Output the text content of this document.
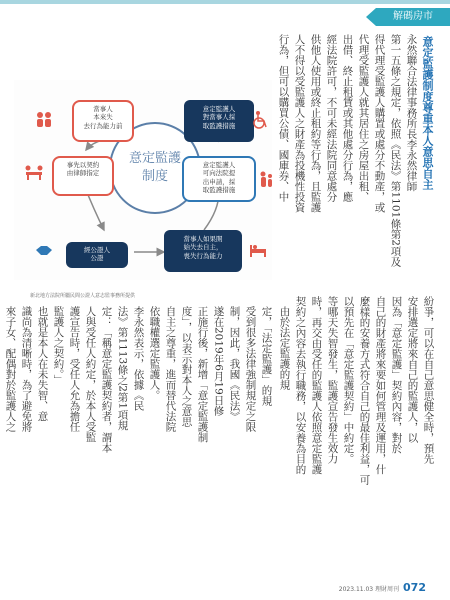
解碼房市
意定監護
制度
當事人
本來失
去行為能力前
事先以契約
由律師指定

經公證人
公證
意定監護人
對當事人採
取監護措施
意定監護人
可向法院提
出申請，採
取監護措施
當事人如果開
始失去自主，
喪失行為能力
新北地方法院所屬民間公證人意志監事務所提供
意定監護制度尊重本人意思自主
永然聯合法律事務所長李永然律師
第一五條之規定，依照《民法》第1101條第2項及
得代理受監護人購置或處分不動產，或
代理受監護人就其居住之房屋出租、
出借、終止租賃或其他處分行為，應
經法院許可，不可未經法院同意處分
供他人使用或終止租約等行為，且監護
人不得以受監護人之財產為投機性投資
行為，但可以購買公債、國庫券、中
由於法定監護的規
定，「法定監護」的規
受到很多法律強制規定之限
制，因此，我國《民法》
遂在2019年6月19日修
正施行後，新增「意定監護制
度」，以表示對本人之意思
自主之尊重，進而替代法院
依職權選定監護人。
李永然表示，依據《民
法》第1113條之2第1項規
定：「稱意定監護契約者，謂本
人與受任人約定，於本人受監
護宣告時，受任人允為擔任
監護人之契約。」
也就是本人在未失智、意
識尚為清晰時，為了避免將
來子女、配偶對於監護人之	紛爭，可以在自己意思健全時，預先
安排選定將來自己的監護人，以
因為「意定監護」契約內容，對於
自己的財產將來要如何管理及運用，什
麼樣的安養方式符合自己的最佳利益，可
以預先在「意定監護契約」中約定。
等哪天失智發生，監護宣告發生效力
時，再交由受任的監護人依照意定監護
契約之內容去執行職務，以安養為目的
2023.11.03 理財周刊 072
